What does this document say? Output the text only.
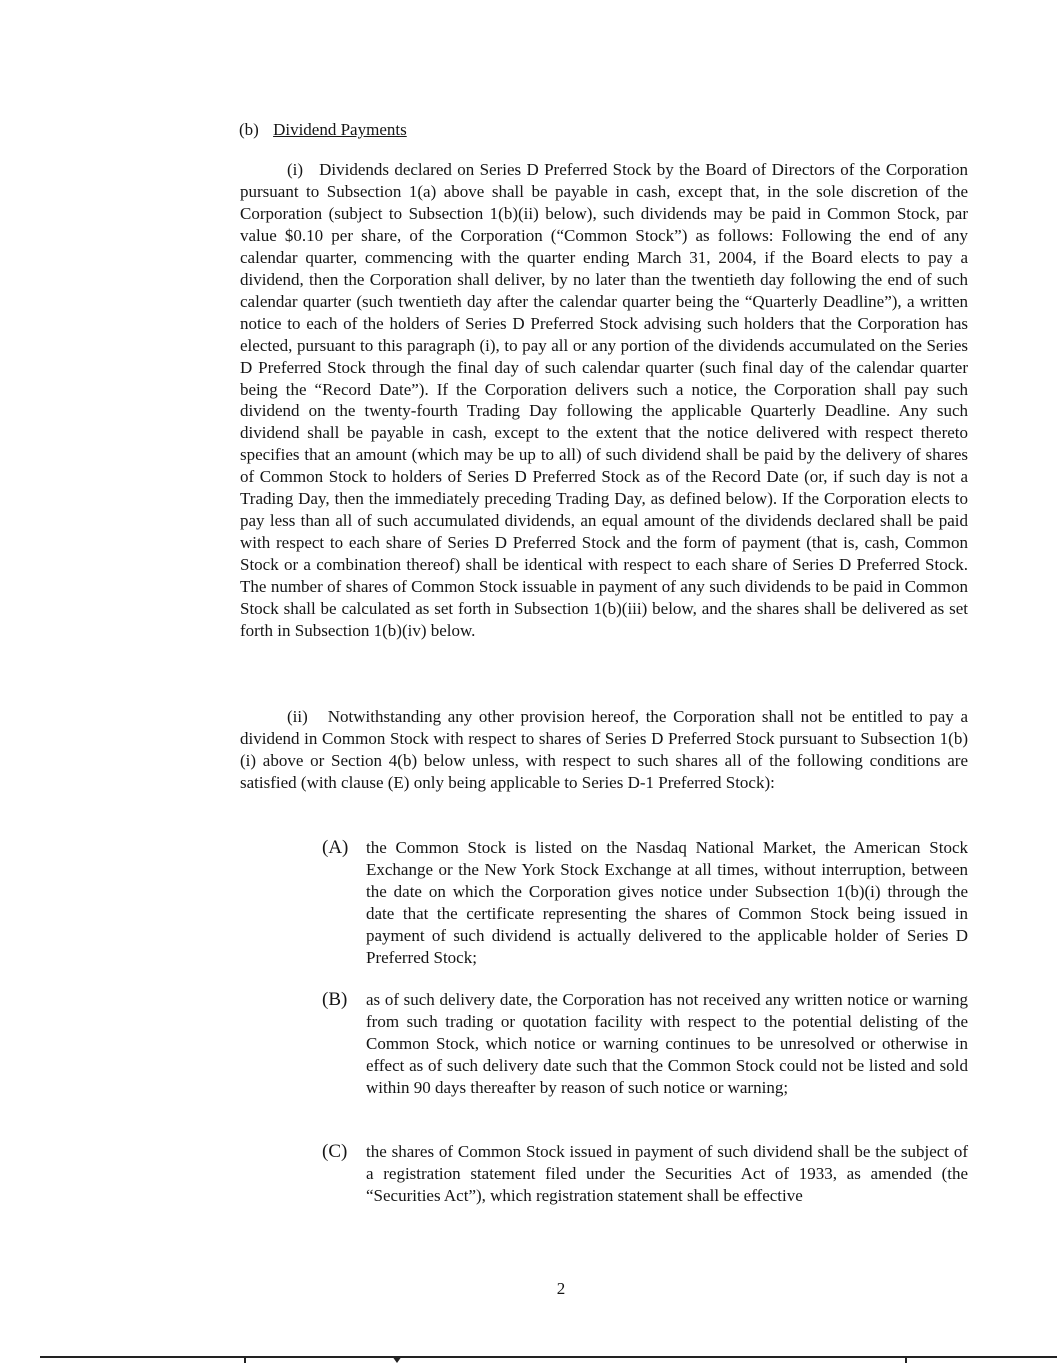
(b) Dividend Payments

(i) Dividends declared on Series D Preferred Stock by the Board of Directors of the Corporation pursuant to Subsection 1(a) above shall be payable in cash, except that, in the sole discretion of the Corporation (subject to Subsection 1(b)(ii) below), such dividends may be paid in Common Stock, par value $0.10 per share, of the Corporation (“Common Stock”) as follows: Following the end of any calendar quarter, commencing with the quarter ending March 31, 2004, if the Board elects to pay a dividend, then the Corporation shall deliver, by no later than the twentieth day following the end of such calendar quarter (such twentieth day after the calendar quarter being the “Quarterly Deadline”), a written notice to each of the holders of Series D Preferred Stock advising such holders that the Corporation has elected, pursuant to this paragraph (i), to pay all or any portion of the dividends accumulated on the Series D Preferred Stock through the final day of such calendar quarter (such final day of the calendar quarter being the “Record Date”). If the Corporation delivers such a notice, the Corporation shall pay such dividend on the twenty-fourth Trading Day following the applicable Quarterly Deadline. Any such dividend shall be payable in cash, except to the extent that the notice delivered with respect thereto specifies that an amount (which may be up to all) of such dividend shall be paid by the delivery of shares of Common Stock to holders of Series D Preferred Stock as of the Record Date (or, if such day is not a Trading Day, then the immediately preceding Trading Day, as defined below). If the Corporation elects to pay less than all of such accumulated dividends, an equal amount of the dividends declared shall be paid with respect to each share of Series D Preferred Stock and the form of payment (that is, cash, Common Stock or a combination thereof) shall be identical with respect to each share of Series D Preferred Stock. The number of shares of Common Stock issuable in payment of any such dividends to be paid in Common Stock shall be calculated as set forth in Subsection 1(b)(iii) below, and the shares shall be delivered as set forth in Subsection 1(b)(iv) below.

(ii) Notwithstanding any other provision hereof, the Corporation shall not be entitled to pay a dividend in Common Stock with respect to shares of Series D Preferred Stock pursuant to Subsection 1(b)(i) above or Section 4(b) below unless, with respect to such shares all of the following conditions are satisfied (with clause (E) only being applicable to Series D-1 Preferred Stock):

(A) the Common Stock is listed on the Nasdaq National Market, the American Stock Exchange or the New York Stock Exchange at all times, without interruption, between the date on which the Corporation gives notice under Subsection 1(b)(i) through the date that the certificate representing the shares of Common Stock being issued in payment of such dividend is actually delivered to the applicable holder of Series D Preferred Stock;
(B) as of such delivery date, the Corporation has not received any written notice or warning from such trading or quotation facility with respect to the potential delisting of the Common Stock, which notice or warning continues to be unresolved or otherwise in effect as of such delivery date such that the Common Stock could not be listed and sold within 90 days thereafter by reason of such notice or warning;
(C) the shares of Common Stock issued in payment of such dividend shall be the subject of a registration statement filed under the Securities Act of 1933, as amended (the “Securities Act”), which registration statement shall be effective
2
